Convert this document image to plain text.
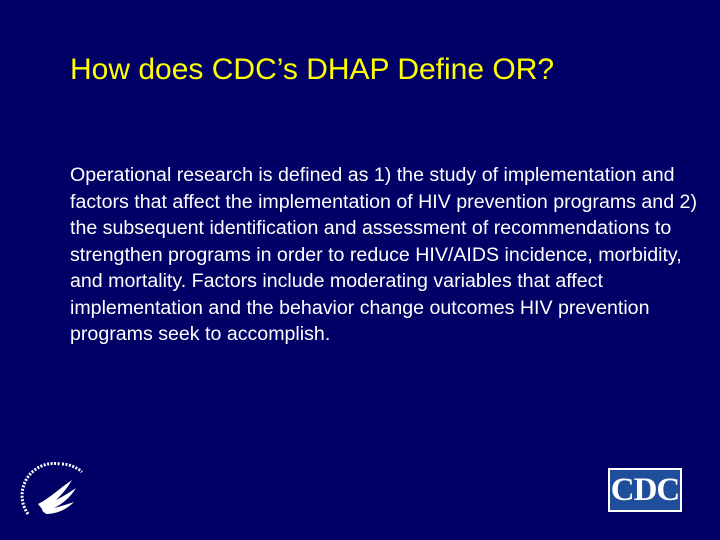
How does CDC’s DHAP Define OR?
Operational research is defined as 1) the study of implementation and factors that affect the implementation of HIV prevention programs and 2) the subsequent identification and assessment of recommendations to strengthen programs in order to reduce HIV/AIDS incidence, morbidity, and mortality. Factors include moderating variables that affect implementation and the behavior change outcomes HIV prevention programs seek to accomplish.
CDC
